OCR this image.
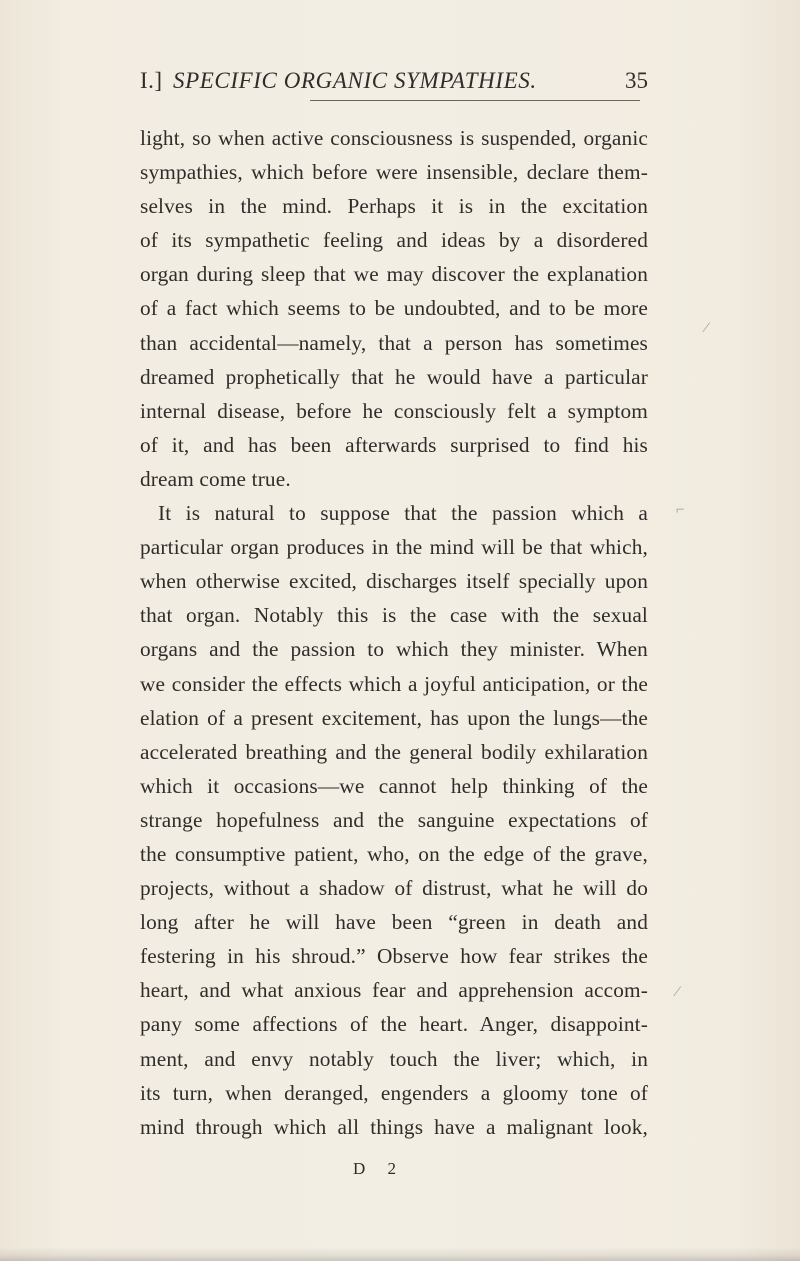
I.] SPECIFIC ORGANIC SYMPATHIES.	35
light, so when active consciousness is suspended, organic
sympathies, which before were insensible, declare them-
selves in the mind. Perhaps it is in the excitation
of its sympathetic feeling and ideas by a disordered
organ during sleep that we may discover the explanation
of a fact which seems to be undoubted, and to be more
than accidental—namely, that a person has sometimes
dreamed prophetically that he would have a particular
internal disease, before he consciously felt a symptom
of it, and has been afterwards surprised to find his
dream come true.
It is natural to suppose that the passion which a
particular organ produces in the mind will be that which,
when otherwise excited, discharges itself specially upon
that organ. Notably this is the case with the sexual
organs and the passion to which they minister. When
we consider the effects which a joyful anticipation, or the
elation of a present excitement, has upon the lungs—the
accelerated breathing and the general bodily exhilaration
which it occasions—we cannot help thinking of the
strange hopefulness and the sanguine expectations of
the consumptive patient, who, on the edge of the grave,
projects, without a shadow of distrust, what he will do
long after he will have been “green in death and
festering in his shroud.” Observe how fear strikes the
heart, and what anxious fear and apprehension accom-
pany some affections of the heart. Anger, disappoint-
ment, and envy notably touch the liver; which, in
its turn, when deranged, engenders a gloomy tone of
mind through which all things have a malignant look,
D 2
⁄
⌐
⁄
